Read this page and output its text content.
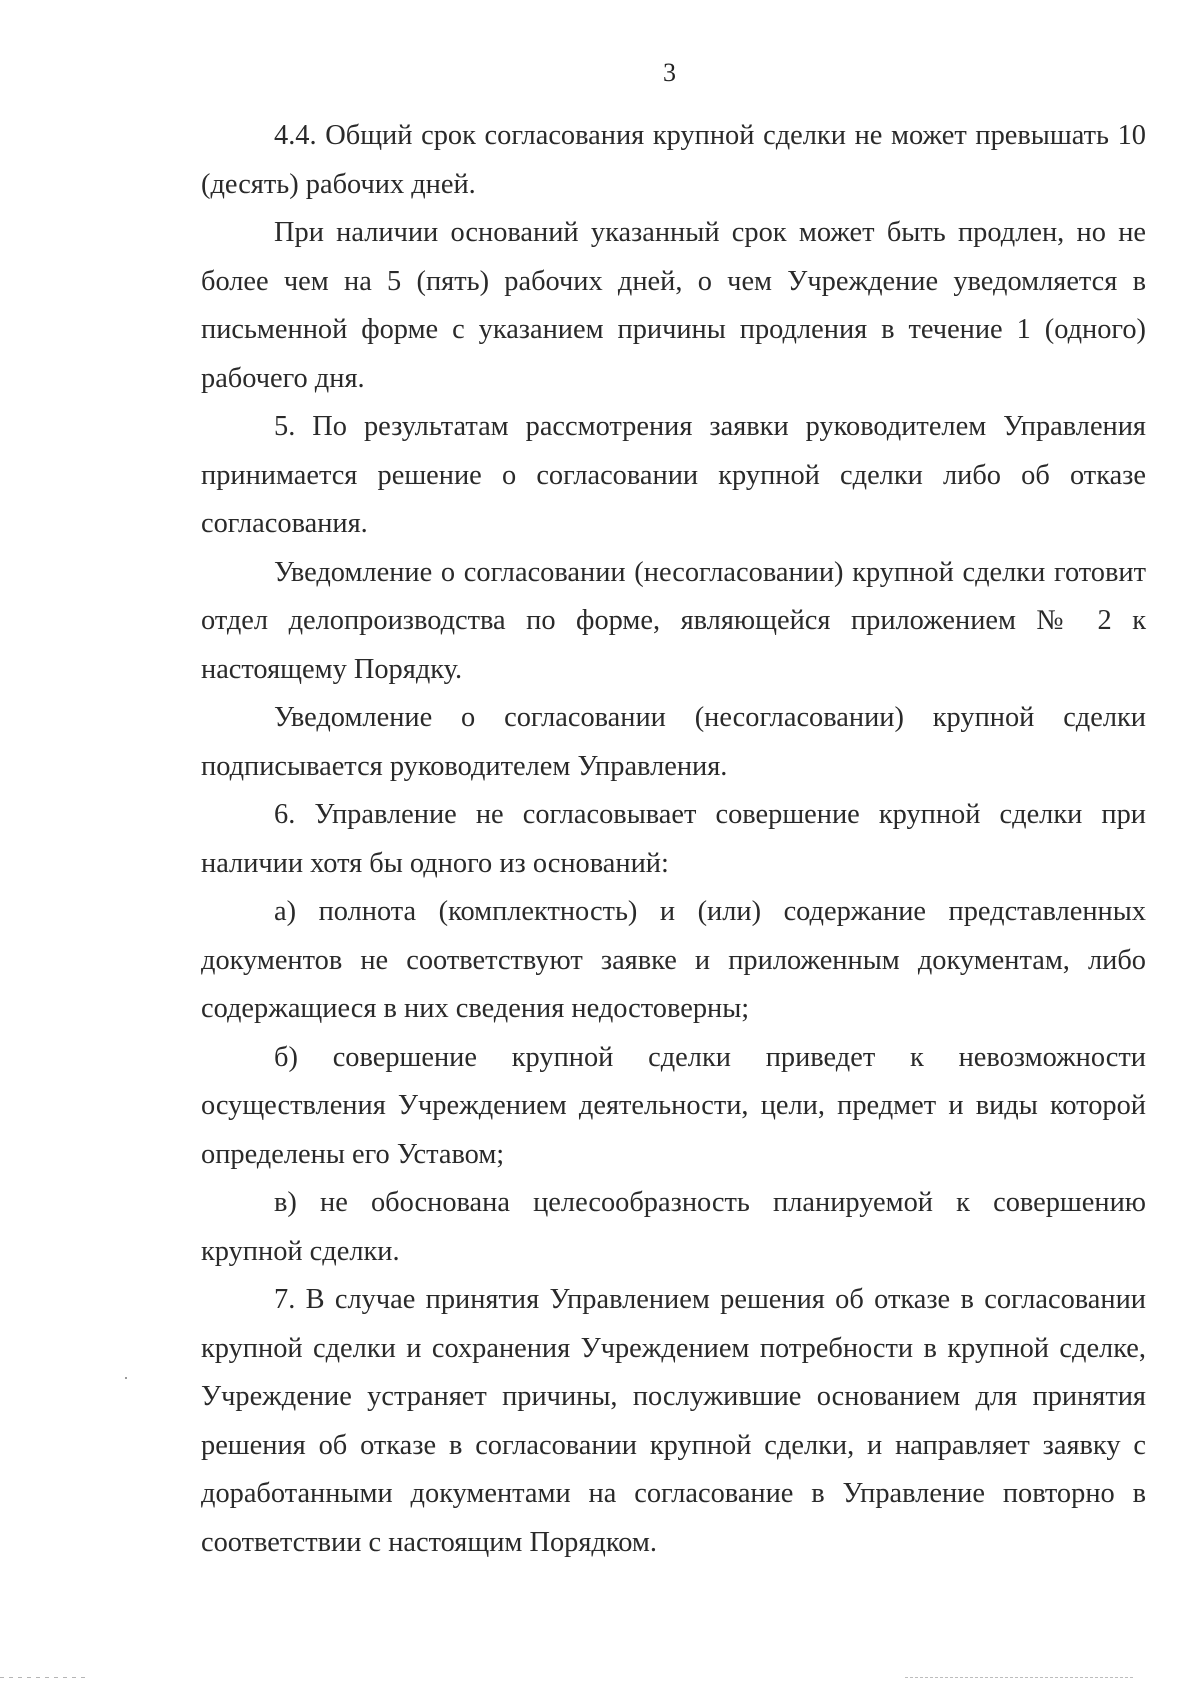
3

4.4. Общий срок согласования крупной сделки не может превышать 10 (десять) рабочих дней.

При наличии оснований указанный срок может быть продлен, но не более чем на 5 (пять) рабочих дней, о чем Учреждение уведомляется в письменной форме с указанием причины продления в течение 1 (одного) рабочего дня.

5. По результатам рассмотрения заявки руководителем Управления принимается решение о согласовании крупной сделки либо об отказе согласования.

Уведомление о согласовании (несогласовании) крупной сделки готовит отдел делопроизводства по форме, являющейся приложением № 2 к настоящему Порядку.

Уведомление о согласовании (несогласовании) крупной сделки подписывается руководителем Управления.

6. Управление не согласовывает совершение крупной сделки при наличии хотя бы одного из оснований:

а) полнота (комплектность) и (или) содержание представленных документов не соответствуют заявке и приложенным документам, либо содержащиеся в них сведения недостоверны;

б) совершение крупной сделки приведет к невозможности осуществления Учреждением деятельности, цели, предмет и виды которой определены его Уставом;

в) не обоснована целесообразность планируемой к совершению крупной сделки.

7. В случае принятия Управлением решения об отказе в согласовании крупной сделки и сохранения Учреждением потребности в крупной сделке, Учреждение устраняет причины, послужившие основанием для принятия решения об отказе в согласовании крупной сделки, и направляет заявку с доработанными документами на согласование в Управление повторно в соответствии с настоящим Порядком.
